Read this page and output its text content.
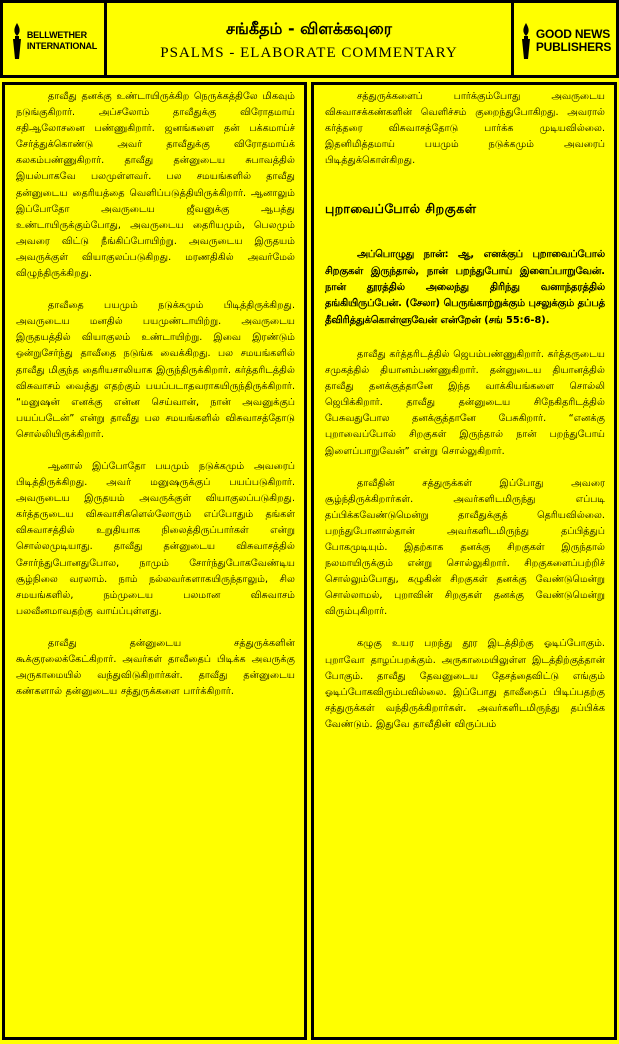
BELLWETHER
INTERNATIONAL
சங்கீதம் - விளக்கவுரை
PSALMS - ELABORATE COMMENTARY
GOOD NEWS
PUBLISHERS

தாவீது தனக்கு உண்டாயிருக்கிற நெருக்கத்திலே மிகவும் நடுங்குகிறார். அப்சலோம் தாவீதுக்கு விரோதமாய் சதிஆலோசனை பண்ணுகிறார். ஜனங்களை தன் பக்கமாய்ச் சேர்த்துக்கொண்டு அவர் தாவீதுக்கு விரோதமாய்க் கலகம்பண்ணுகிறார். தாவீது தன்னுடைய சுபாவத்தில் இயல்பாகவே பலமுள்ளவர். பல சமயங்களில் தாவீது தன்னுடைய தைரியத்தை வெளிப்படுத்தியிருக்கிறார். ஆனாலும் இப்போதோ அவருடைய ஜீவனுக்கு ஆபத்து உண்டாயிருக்கும்போது, அவருடைய தைரியமும், பெலமும் அவரை விட்டு நீங்கிப்போயிற்று. அவருடைய இருதயம் அவருக்குள் வியாகுலப்படுகிறது. மரணதிகில் அவர்மேல் விழுந்திருக்கிறது.

தாவீதை பயமும் நடுக்கமும் பிடித்திருக்கிறது. அவருடைய மனதில் பயமுண்டாயிற்று. அவருடைய இருதயத்தில் வியாகுலம் உண்டாயிற்று. இவை இரண்டும் ஒன்றுசேர்ந்து தாவீதை நடுங்க வைக்கிறது. பல சமயங்களில் தாவீது மிகுந்த தைரியசாலியாக இருந்திருக்கிறார். கர்த்தரிடத்தில் விசுவாசம் வைத்து எதற்கும் பயப்படாதவராகயிருந்திருக்கிறார். “மனுஷன் எனக்கு என்ன செய்வான், நான் அவனுக்குப் பயப்படேன்” என்று தாவீது பல சமயங்களில் விசுவாசத்தோடு சொல்லியிருக்கிறார்.

ஆனால் இப்போதோ பயமும் நடுக்கமும் அவரைப் பிடித்திருக்கிறது. அவர் மனுஷருக்குப் பயப்படுகிறார். அவருடைய இருதயம் அவருக்குள் வியாகுலப்படுகிறது. கர்த்தருடைய விசுவாசிகளெல்லோரும் எப்போதும் தங்கள் விசுவாசத்தில் உறுதியாக நிலைத்திருப்பார்கள் என்று சொல்லமுடியாது. தாவீது தன்னுடைய விசுவாசத்தில் சோர்ந்துபோனதுபோல, நாமும் சோர்ந்துபோகவேண்டிய சூழ்நிலை வரலாம். நாம் நல்லவர்களாகயிருந்தாலும், சில சமயங்களில், நம்முடைய பலமான விசுவாசம் பலவீனமாவதற்கு வாய்ப்புள்ளது.

தாவீது தன்னுடைய சத்துருக்களின் கூக்குரலைக்கேட்கிறார். அவர்கள் தாவீதைப் பிடிக்க அவருக்கு அருகாமையில் வந்துவிடுகிறார்கள். தாவீது தன்னுடைய கண்களால் தன்னுடைய சத்துருக்களை பார்க்கிறார்.

சத்துருக்களைப் பார்க்கும்போது அவருடைய விசுவாசக்கண்களின் வெளிச்சம் குறைந்துபோகிறது. அவரால் கர்த்தரை விசுவாசத்தோடு பார்க்க முடியவில்லை. இதனிமித்தமாய் பயமும் நடுக்கமும் அவரைப் பிடித்துக்கொள்கிறது.

புறாவைப்போல் சிறகுகள்

அப்பொழுது நான்: ஆ, எனக்குப் புறாவைப்போல் சிறகுகள் இருந்தால், நான் பறந்துபோய் இளைப்பாறுவேன். நான் தூரத்தில் அலைந்து திரிந்து வனாந்தரத்தில் தங்கியிருப்பேன். (சேலா) பெருங்காற்றுக்கும் புசலுக்கும் தப்பத் தீவிரித்துக்கொள்ளுவேன் என்றேன் (சங் 55:6-8).

தாவீது கர்த்தரிடத்தில் ஜெபம்பண்ணுகிறார். கர்த்தருடைய சமுகத்தில் தியானம்பண்ணுகிறார். தன்னுடைய தியானத்தில் தாவீது தனக்குத்தானே இந்த வாக்கியங்களை சொல்லி ஜெபிக்கிறார். தாவீது தன்னுடைய சிநேகிதரிடத்தில் பேசுவதுபோல தனக்குத்தானே பேசுகிறார். “எனக்கு புறாவைப்போல் சிறகுகள் இருந்தால் நான் பறந்துபோய் இளைப்பாறுவேன்” என்று சொல்லுகிறார்.

தாவீதின் சத்துருக்கள் இப்போது அவரை சூழ்ந்திருக்கிறார்கள். அவர்களிடமிருந்து எப்படி தப்பிக்கவேண்டுமென்று தாவீதுக்குத் தெரியவில்லை. பறந்துபோனால்தான் அவர்களிடமிருந்து தப்பித்துப் போகமுடியும். இதற்காக தனக்கு சிறகுகள் இருந்தால் நலமாயிருக்கும் என்று சொல்லுகிறார். சிறகுகளைப்பற்றிச் சொல்லும்போது, கழுகின் சிறகுகள் தனக்கு வேண்டுமென்று சொல்லாமல், புறாவின் சிறகுகள் தனக்கு வேண்டுமென்று விரும்புகிறார்.

கழுகு உயர பறந்து தூர இடத்திற்கு ஓடிப்போகும். புறாவோ தாழப்பறக்கும். அருகாமையிலுள்ள இடத்திற்குத்தான் போகும். தாவீது தேவனுடைய தேசத்தைவிட்டு எங்கும் ஓடிப்போகவிரும்பவில்லை. இப்போது தாவீதைப் பிடிப்பதற்கு சத்துருக்கள் வந்திருக்கிறார்கள். அவர்களிடமிருந்து தப்பிக்க வேண்டும். இதுவே தாவீதின் விருப்பம்
